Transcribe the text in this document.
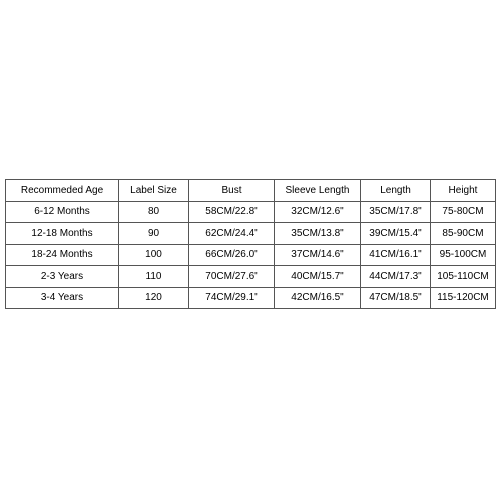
Recommeded Age	Label Size	Bust	Sleeve Length	Length	Height
6-12 Months	80	58CM/22.8"	32CM/12.6"	35CM/17.8"	75-80CM
12-18 Months	90	62CM/24.4"	35CM/13.8"	39CM/15.4"	85-90CM
18-24 Months	100	66CM/26.0"	37CM/14.6"	41CM/16.1"	95-100CM
2-3 Years	110	70CM/27.6"	40CM/15.7"	44CM/17.3"	105-110CM
3-4 Years	120	74CM/29.1"	42CM/16.5"	47CM/18.5"	115-120CM
